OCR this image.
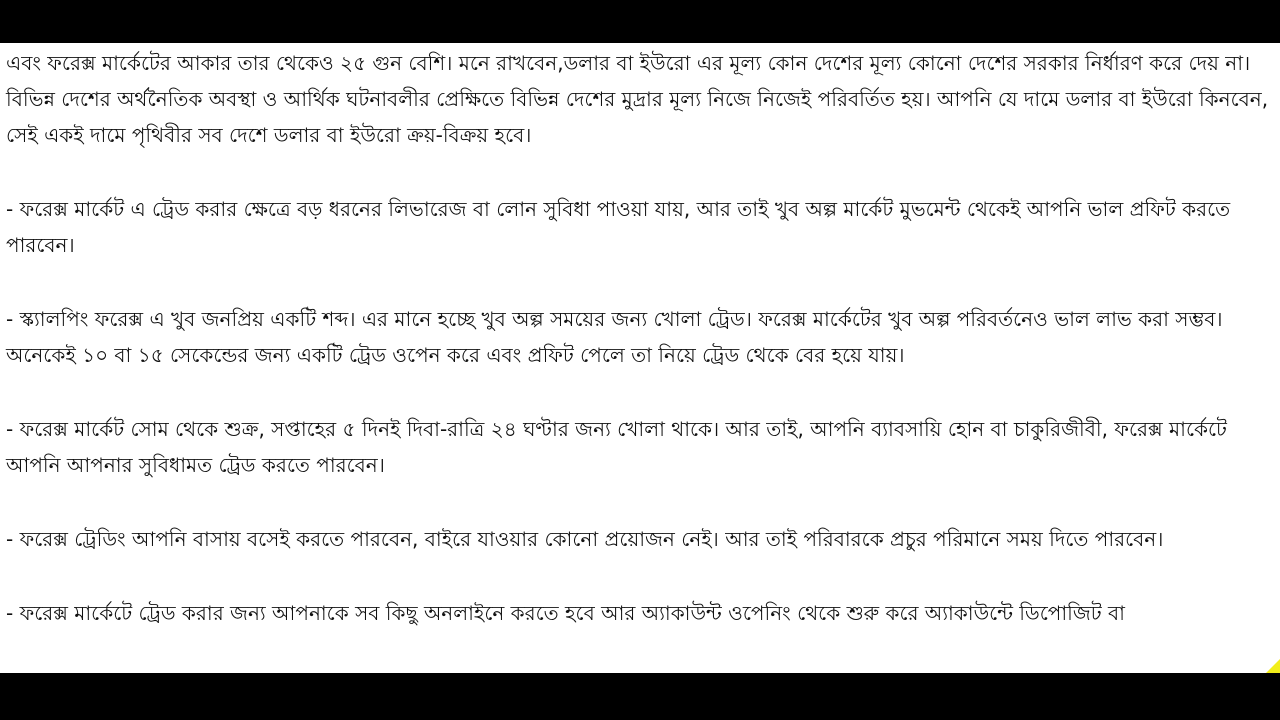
এবং ফরেক্স মার্কেটের আকার তার থেকেও ২৫ গুন বেশি। মনে রাখবেন,ডলার বা ইউরো এর মূল্য কোন দেশের মূল্য কোনো দেশের সরকার নির্ধারণ করে দেয় না। বিভিন্ন দেশের অর্থনৈতিক অবস্থা ও আর্থিক ঘটনাবলীর প্রেক্ষিতে বিভিন্ন দেশের মুদ্রার মূল্য নিজে নিজেই পরিবর্তিত হয়। আপনি যে দামে ডলার বা ইউরো কিনবেন, সেই একই দামে পৃথিবীর সব দেশে ডলার বা ইউরো ক্রয়-বিক্রয় হবে।

- ফরেক্স মার্কেট এ ট্রেড করার ক্ষেত্রে বড় ধরনের লিভারেজ বা লোন সুবিধা পাওয়া যায়, আর তাই খুব অল্প মার্কেট মুভমেন্ট থেকেই আপনি ভাল প্রফিট করতে পারবেন।

- স্ক্যালপিং ফরেক্স এ খুব জনপ্রিয় একটি শব্দ। এর মানে হচ্ছে খুব অল্প সময়ের জন্য খোলা ট্রেড। ফরেক্স মার্কেটের খুব অল্প পরিবর্তনেও ভাল লাভ করা সম্ভব। অনেকেই ১০ বা ১৫ সেকেন্ডের জন্য একটি ট্রেড ওপেন করে এবং প্রফিট পেলে তা নিয়ে ট্রেড থেকে বের হয়ে যায়।

- ফরেক্স মার্কেট সোম থেকে শুক্র, সপ্তাহের ৫ দিনই দিবা-রাত্রি ২৪ ঘণ্টার জন্য খোলা থাকে। আর তাই, আপনি ব্যাবসায়ি হোন বা চাকুরিজীবী, ফরেক্স মার্কেটে আপনি আপনার সুবিধামত ট্রেড করতে পারবেন।

- ফরেক্স ট্রেডিং আপনি বাসায় বসেই করতে পারবেন, বাইরে যাওয়ার কোনো প্রয়োজন নেই। আর তাই পরিবারকে প্রচুর পরিমানে সময় দিতে পারবেন।

- ফরেক্স মার্কেটে ট্রেড করার জন্য আপনাকে সব কিছু অনলাইনে করতে হবে আর অ্যাকাউন্ট ওপেনিং থেকে শুরু করে অ্যাকাউন্টে ডিপোজিট বা
